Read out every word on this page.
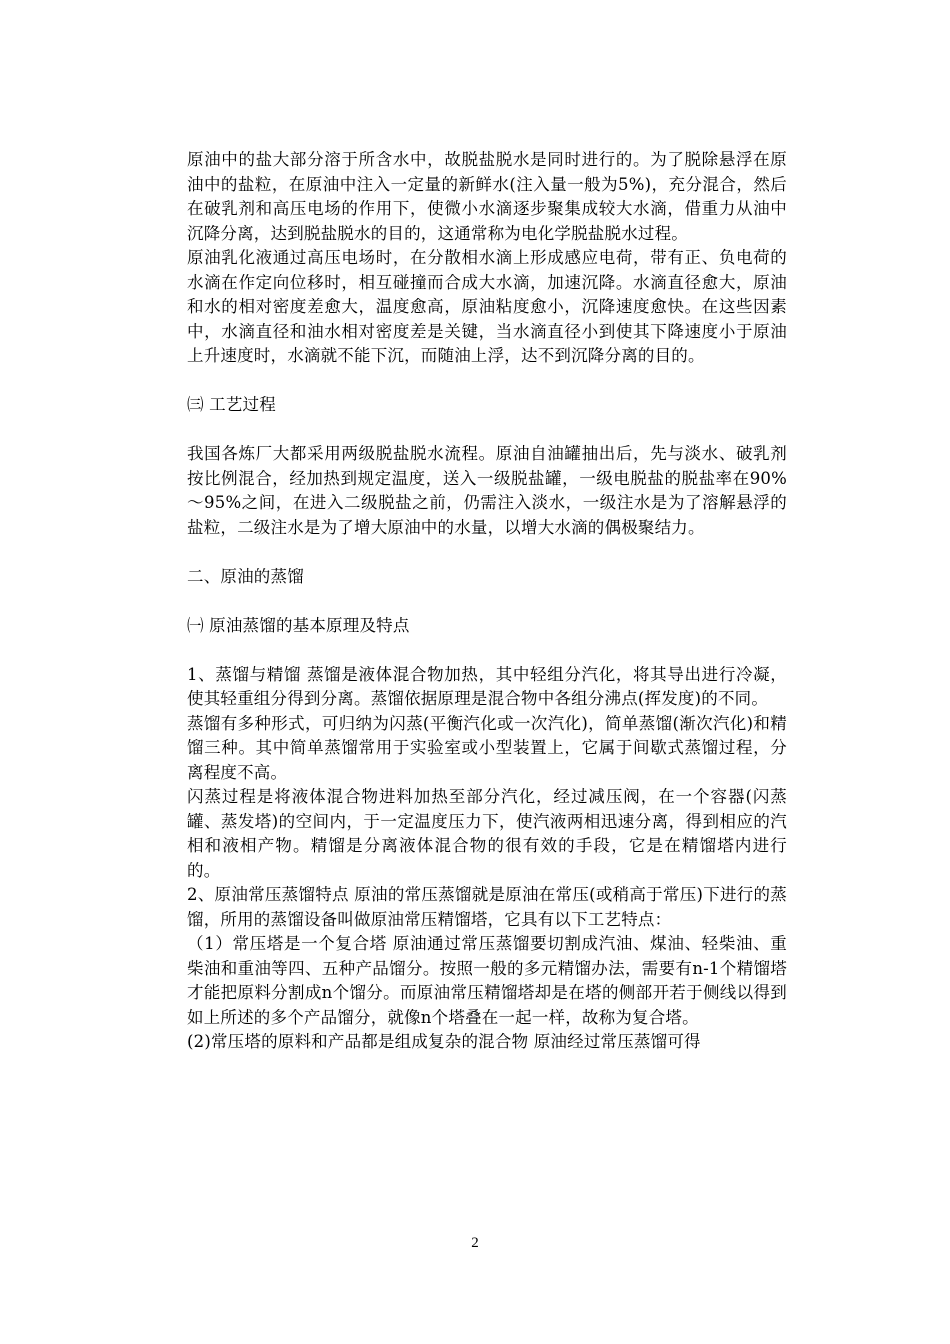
原油中的盐大部分溶于所含水中，故脱盐脱水是同时进行的。为了脱除悬浮在原油中的盐粒，在原油中注入一定量的新鲜水(注入量一般为5%)，充分混合，然后在破乳剂和高压电场的作用下，使微小水滴逐步聚集成较大水滴，借重力从油中沉降分离，达到脱盐脱水的目的，这通常称为电化学脱盐脱水过程。

原油乳化液通过高压电场时，在分散相水滴上形成感应电荷，带有正、负电荷的水滴在作定向位移时，相互碰撞而合成大水滴，加速沉降。水滴直径愈大，原油和水的相对密度差愈大，温度愈高，原油粘度愈小，沉降速度愈快。在这些因素中，水滴直径和油水相对密度差是关键，当水滴直径小到使其下降速度小于原油上升速度时，水滴就不能下沉，而随油上浮，达不到沉降分离的目的。

㈢ 工艺过程

我国各炼厂大都采用两级脱盐脱水流程。原油自油罐抽出后，先与淡水、破乳剂按比例混合，经加热到规定温度，送入一级脱盐罐，一级电脱盐的脱盐率在90%～95%之间，在进入二级脱盐之前，仍需注入淡水，一级注水是为了溶解悬浮的盐粒，二级注水是为了增大原油中的水量，以增大水滴的偶极聚结力。

二、原油的蒸馏

㈠ 原油蒸馏的基本原理及特点

1、蒸馏与精馏 蒸馏是液体混合物加热，其中轻组分汽化，将其导出进行冷凝，使其轻重组分得到分离。蒸馏依据原理是混合物中各组分沸点(挥发度)的不同。

蒸馏有多种形式，可归纳为闪蒸(平衡汽化或一次汽化)，简单蒸馏(渐次汽化)和精馏三种。其中简单蒸馏常用于实验室或小型装置上，它属于间歇式蒸馏过程，分离程度不高。

闪蒸过程是将液体混合物进料加热至部分汽化，经过减压阀，在一个容器(闪蒸罐、蒸发塔)的空间内，于一定温度压力下，使汽液两相迅速分离，得到相应的汽相和液相产物。精馏是分离液体混合物的很有效的手段，它是在精馏塔内进行的。

2、原油常压蒸馏特点 原油的常压蒸馏就是原油在常压(或稍高于常压)下进行的蒸馏，所用的蒸馏设备叫做原油常压精馏塔，它具有以下工艺特点：

（1）常压塔是一个复合塔 原油通过常压蒸馏要切割成汽油、煤油、轻柴油、重柴油和重油等四、五种产品馏分。按照一般的多元精馏办法，需要有n-1个精馏塔才能把原料分割成n个馏分。而原油常压精馏塔却是在塔的侧部开若于侧线以得到如上所述的多个产品馏分，就像n个塔叠在一起一样，故称为复合塔。

(2)常压塔的原料和产品都是组成复杂的混合物 原油经过常压蒸馏可得

2
